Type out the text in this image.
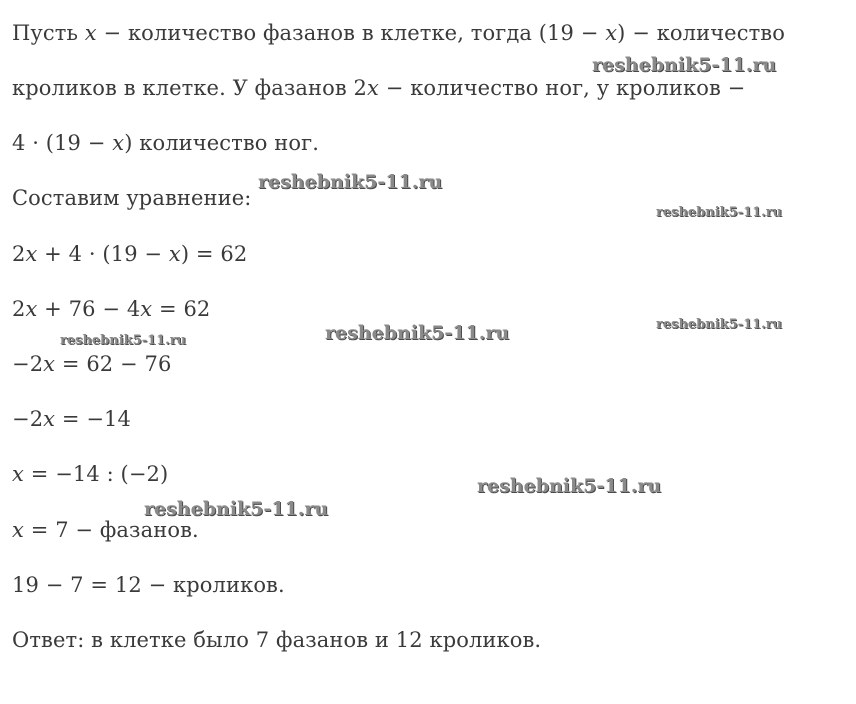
Пусть 𝑥 − количество фазанов в клетке, тогда (19 − 𝑥) − количество
кроликов в клетке. У фазанов 2𝑥 − количество ног, у кроликов −
4 · (19 − 𝑥) количество ног.
Составим уравнение:
2𝑥 + 4 · (19 − 𝑥) = 62
2𝑥 + 76 − 4𝑥 = 62
−2𝑥 = 62 − 76
−2𝑥 = −14
𝑥 = −14 : (−2)
𝑥 = 7 − фазанов.
19 − 7 = 12 − кроликов.
Ответ: в клетке было 7 фазанов и 12 кроликов.
reshebnik5-11.ru
reshebnik5-11.ru
reshebnik5-11.ru
reshebnik5-11.ru	reshebnik5-11.ru
reshebnik5-11.ru
reshebnik5-11.ru
reshebnik5-11.ru
